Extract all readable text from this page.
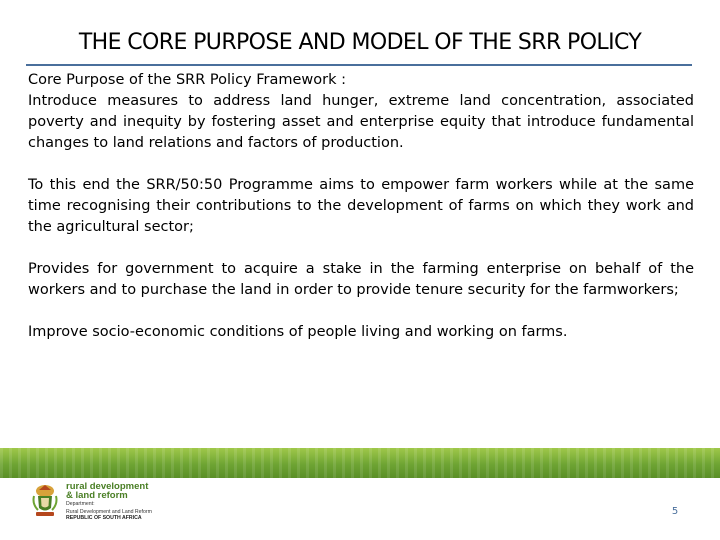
THE CORE PURPOSE AND MODEL OF THE SRR POLICY

Core Purpose of the SRR Policy Framework :

Introduce measures to address land hunger, extreme land concentration, associated poverty and inequity by fostering asset and enterprise equity that introduce fundamental changes to land relations and factors of production.

To this end the SRR/50:50 Programme aims to empower farm workers while at the same time recognising their contributions to the development of farms on which they work and the agricultural sector;

Provides for government to acquire a stake in the farming enterprise on behalf of the workers and to purchase the land in order to provide tenure security for the farmworkers;

Improve socio-economic conditions of people living and working on farms.

rural development
& land reform
Department:
Rural Development and Land Reform
REPUBLIC OF SOUTH AFRICA
5
